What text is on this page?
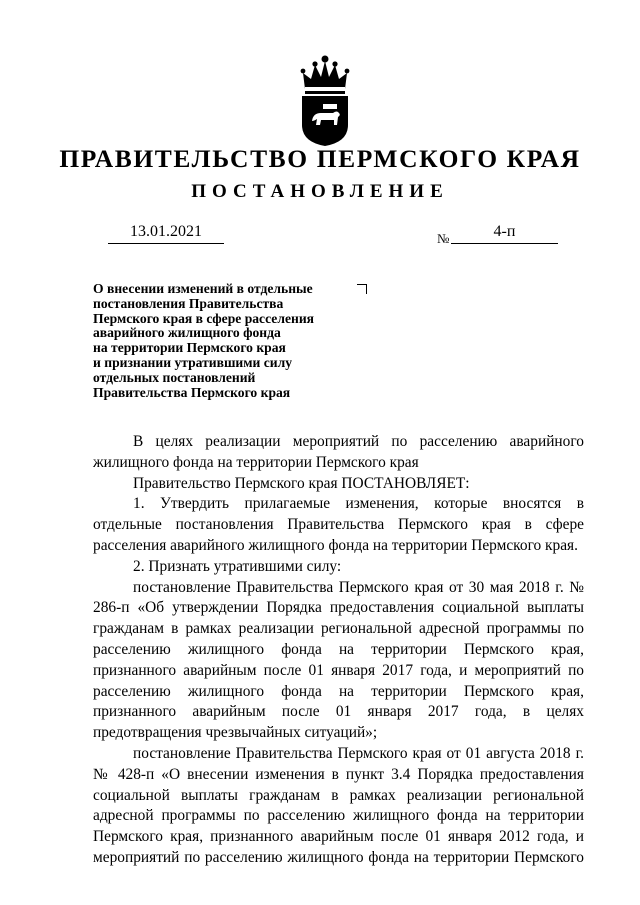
ПРАВИТЕЛЬСТВО ПЕРМСКОГО КРАЯ
ПОСТАНОВЛЕНИЕ
13.01.2021	№	4-п
О внесении изменений в отдельные
постановления Правительства
Пермского края в сфере расселения
аварийного жилищного фонда
на территории Пермского края
и признании утратившими силу
отдельных постановлений
Правительства Пермского края

В целях реализации мероприятий по расселению аварийного жилищного фонда на территории Пермского края

Правительство Пермского края ПОСТАНОВЛЯЕТ:

1. Утвердить прилагаемые изменения, которые вносятся в отдельные постановления Правительства Пермского края в сфере расселения аварийного жилищного фонда на территории Пермского края.

2. Признать утратившими силу:

постановление Правительства Пермского края от 30 мая 2018 г. № 286-п «Об утверждении Порядка предоставления социальной выплаты гражданам в рамках реализации региональной адресной программы по расселению жилищного фонда на территории Пермского края, признанного аварийным после 01 января 2017 года, и мероприятий по расселению жилищного фонда на территории Пермского края, признанного аварийным после 01 января 2017 года, в целях предотвращения чрезвычайных ситуаций»;

постановление Правительства Пермского края от 01 августа 2018 г. № 428-п «О внесении изменения в пункт 3.4 Порядка предоставления социальной выплаты гражданам в рамках реализации региональной адресной программы по расселению жилищного фонда на территории Пермского края, признанного аварийным после 01 января 2012 года, и мероприятий по расселению жилищного фонда на территории Пермского
